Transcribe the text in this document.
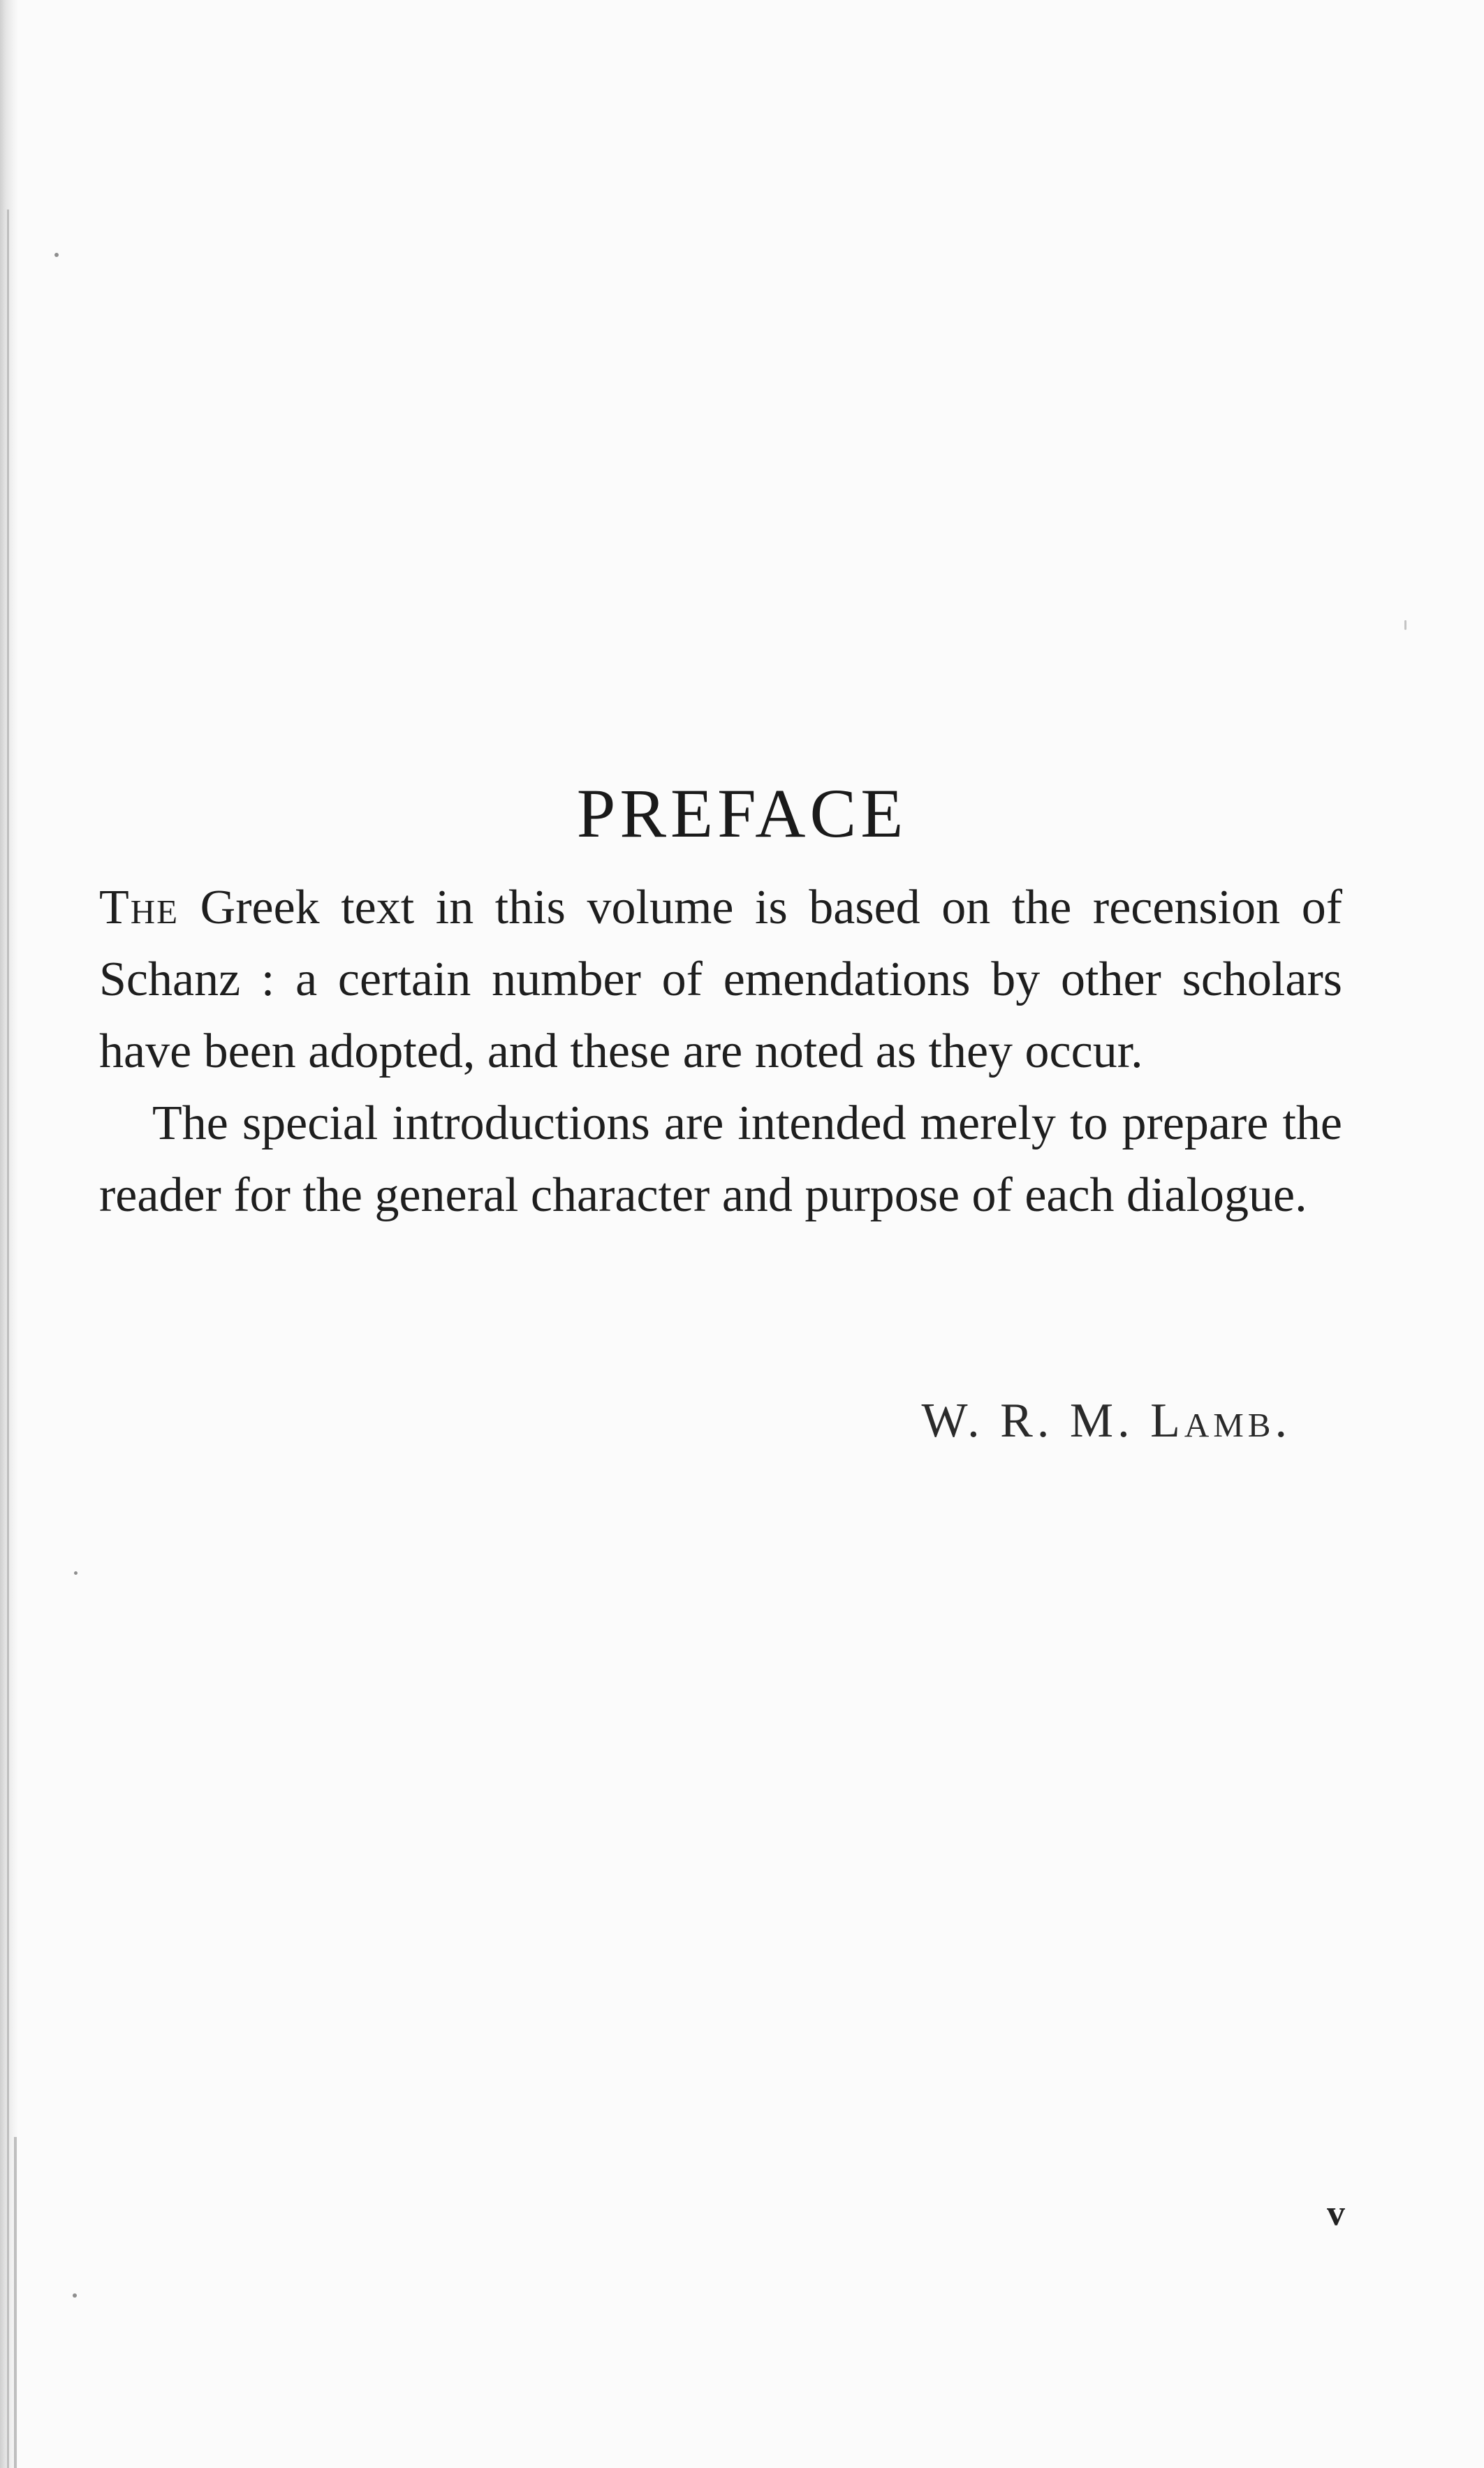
PREFACE

The Greek text in this volume is based on the recension of Schanz : a certain number of emendations by other scholars have been adopted, and these are noted as they occur.

The special introductions are intended merely to prepare the reader for the general character and purpose of each dialogue.

W. R. M. Lamb.
v
